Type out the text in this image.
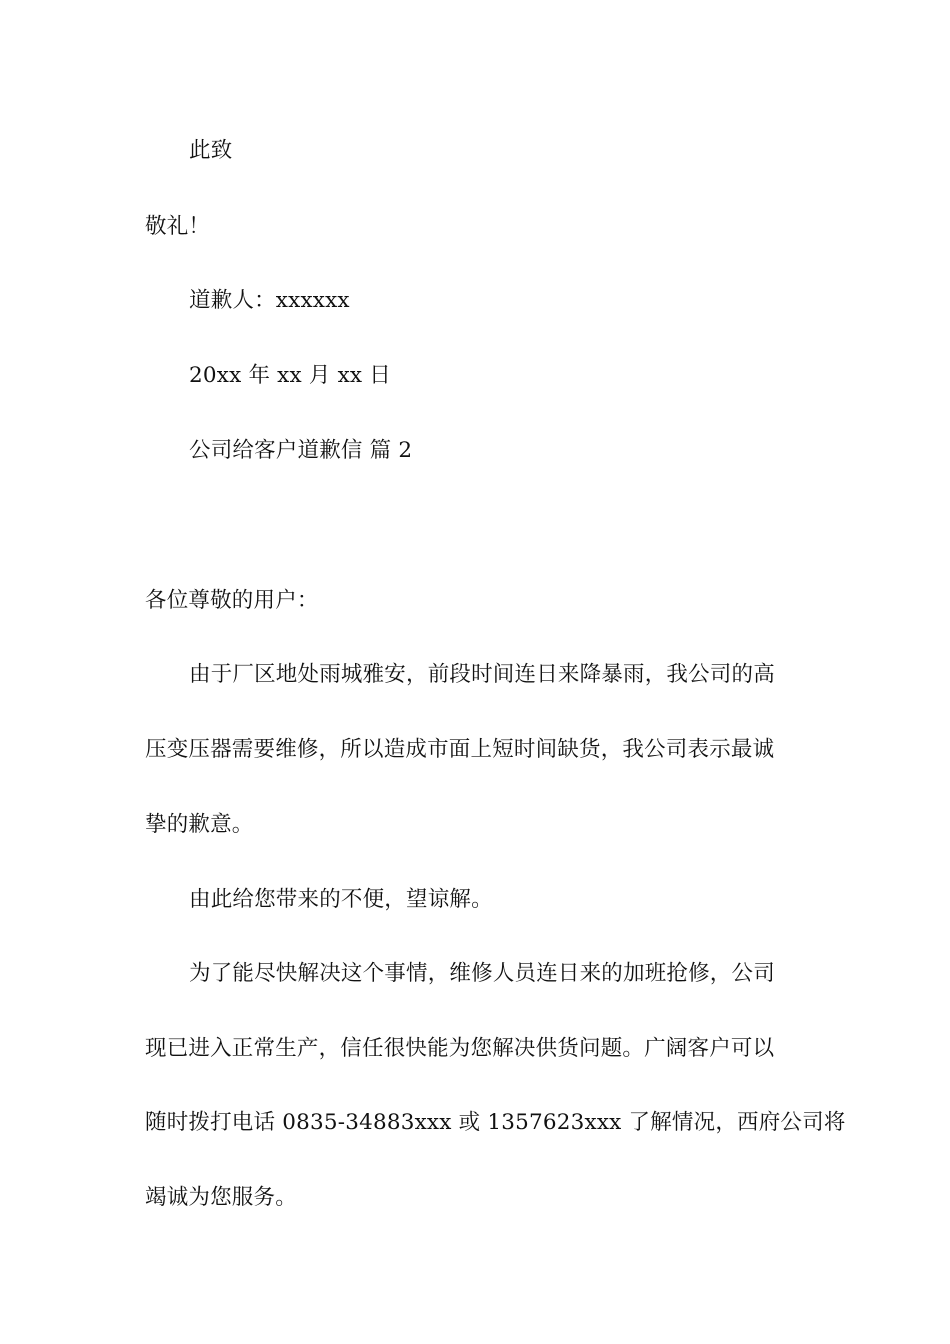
此致
敬礼！
道歉人：xxxxxx
20xx 年 xx 月 xx 日
公司给客户道歉信 篇 2
各位尊敬的用户：
由于厂区地处雨城雅安，前段时间连日来降暴雨，我公司的高
压变压器需要维修，所以造成市面上短时间缺货，我公司表示最诚
挚的歉意。
由此给您带来的不便，望谅解。
为了能尽快解决这个事情，维修人员连日来的加班抢修，公司
现已进入正常生产，信任很快能为您解决供货问题。广阔客户可以
随时拨打电话 0835-34883xxx 或 1357623xxx 了解情况，西府公司将
竭诚为您服务。
